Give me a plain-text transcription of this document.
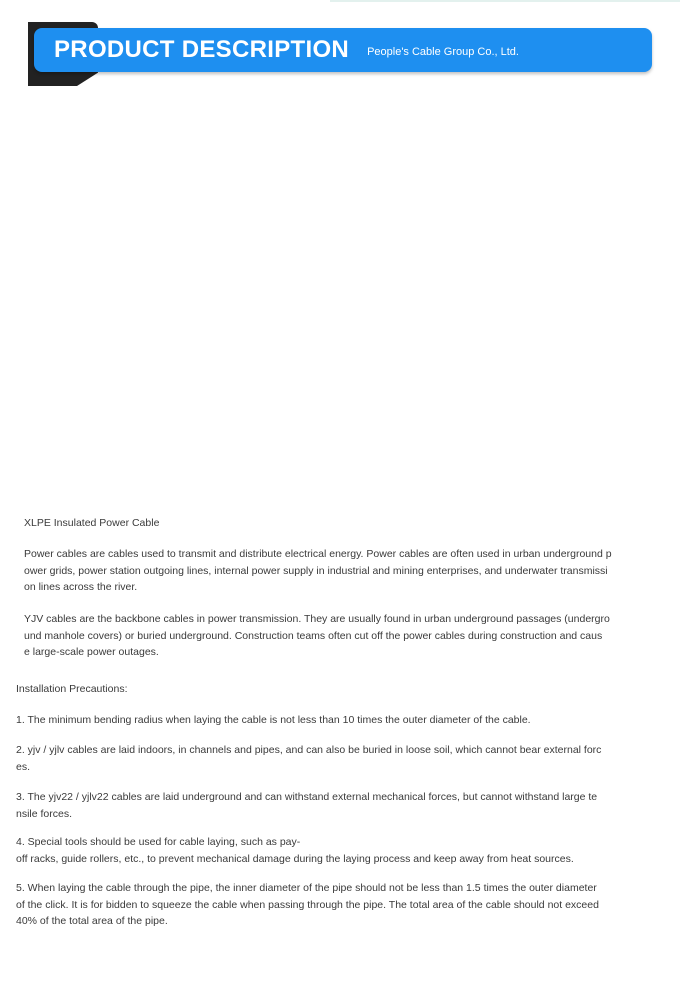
PRODUCT DESCRIPTION People's Cable Group Co., Ltd.

XLPE Insulated Power Cable

Power cables are cables used to transmit and distribute electrical energy. Power cables are often used in urban underground p
ower grids, power station outgoing lines, internal power supply in industrial and mining enterprises, and underwater transmissi
on lines across the river.

YJV cables are the backbone cables in power transmission. They are usually found in urban underground passages (undergro
und manhole covers) or buried underground. Construction teams often cut off the power cables during construction and caus
e large-scale power outages.

Installation Precautions:

1. The minimum bending radius when laying the cable is not less than 10 times the outer diameter of the cable.

2. yjv / yjlv cables are laid indoors, in channels and pipes, and can also be buried in loose soil, which cannot bear external forc
es.

3. The yjv22 / yjlv22 cables are laid underground and can withstand external mechanical forces, but cannot withstand large te
nsile forces.

4. Special tools should be used for cable laying, such as pay-
off racks, guide rollers, etc., to prevent mechanical damage during the laying process and keep away from heat sources.

5. When laying the cable through the pipe, the inner diameter of the pipe should not be less than 1.5 times the outer diameter
of the click. It is for bidden to squeeze the cable when passing through the pipe. The total area of the cable should not exceed
40% of the total area of the pipe.
